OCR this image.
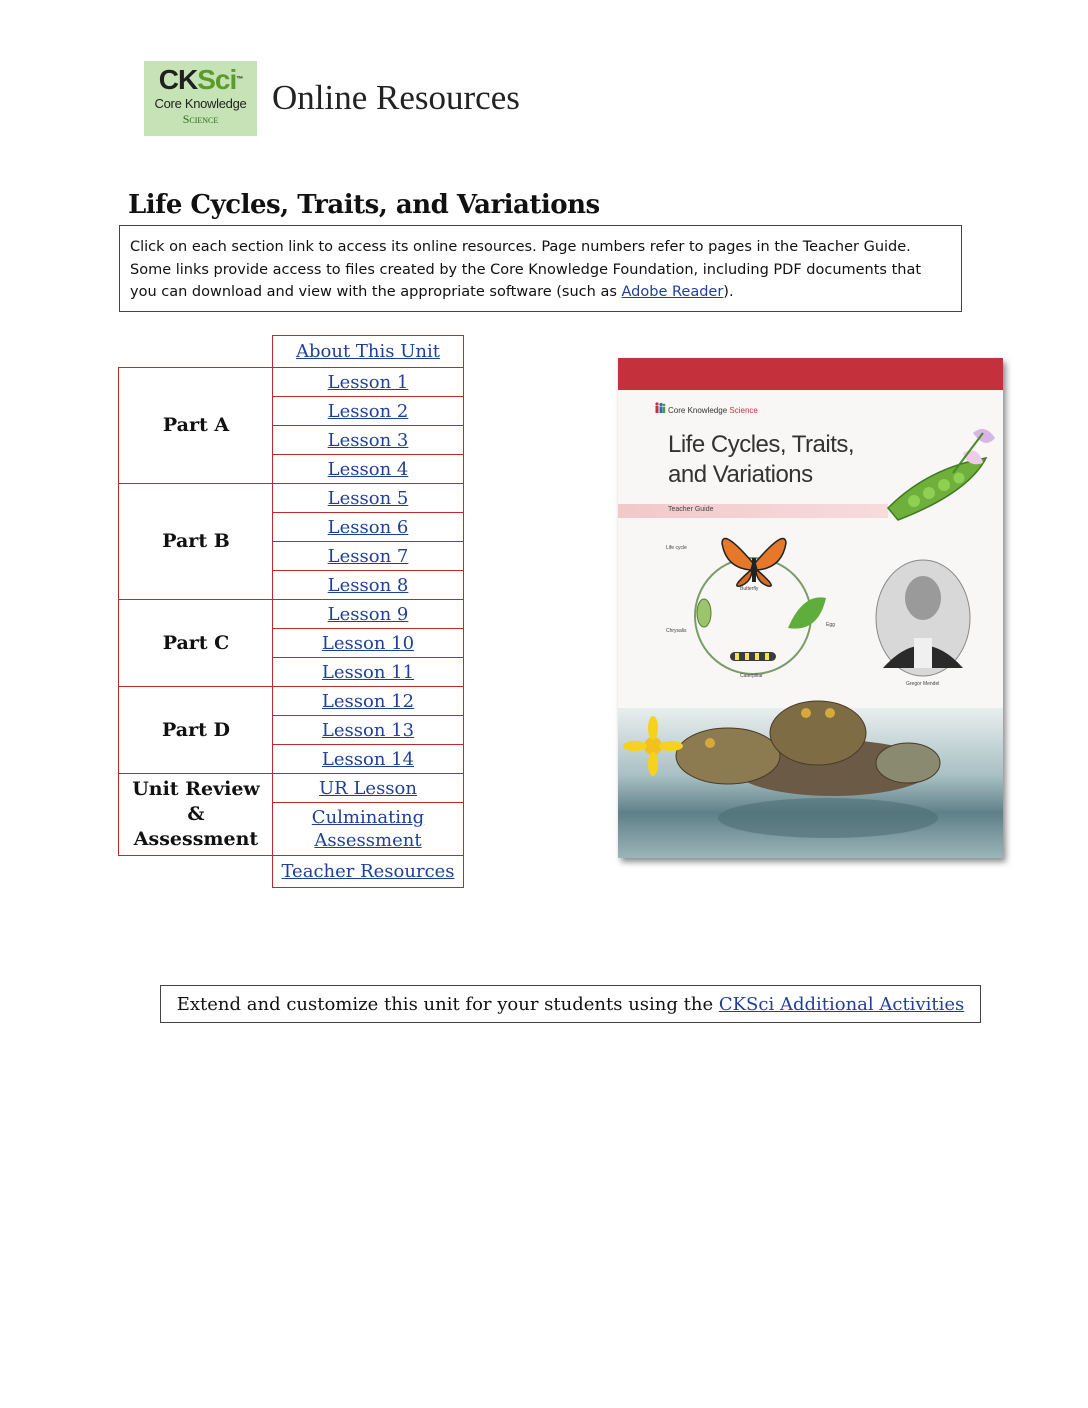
CKSci™
Core Knowledge
Science
Online Resources
Life Cycles, Traits, and Variations
Click on each section link to access its online resources. Page numbers refer to pages in the Teacher Guide. Some links provide access to files created by the Core Knowledge Foundation, including PDF documents that you can download and view with the appropriate software (such as Adobe Reader).
About This Unit
Part A
Lesson 1
Lesson 2
Lesson 3
Lesson 4
Part B
Lesson 5
Lesson 6
Lesson 7
Lesson 8
Part C
Lesson 9
Lesson 10
Lesson 11
Part D
Lesson 12
Lesson 13
Lesson 14
Unit Review
&
Assessment
UR Lesson
Culminating
Assessment
Teacher Resources
Core Knowledge Science
Life Cycles, Traits,
and Variations
Teacher Guide
Life cycle
Butterfly
Egg
Chrysalis
Caterpillar
Gregor Mendel
Extend and customize this unit for your students using the CKSci Additional Activities
